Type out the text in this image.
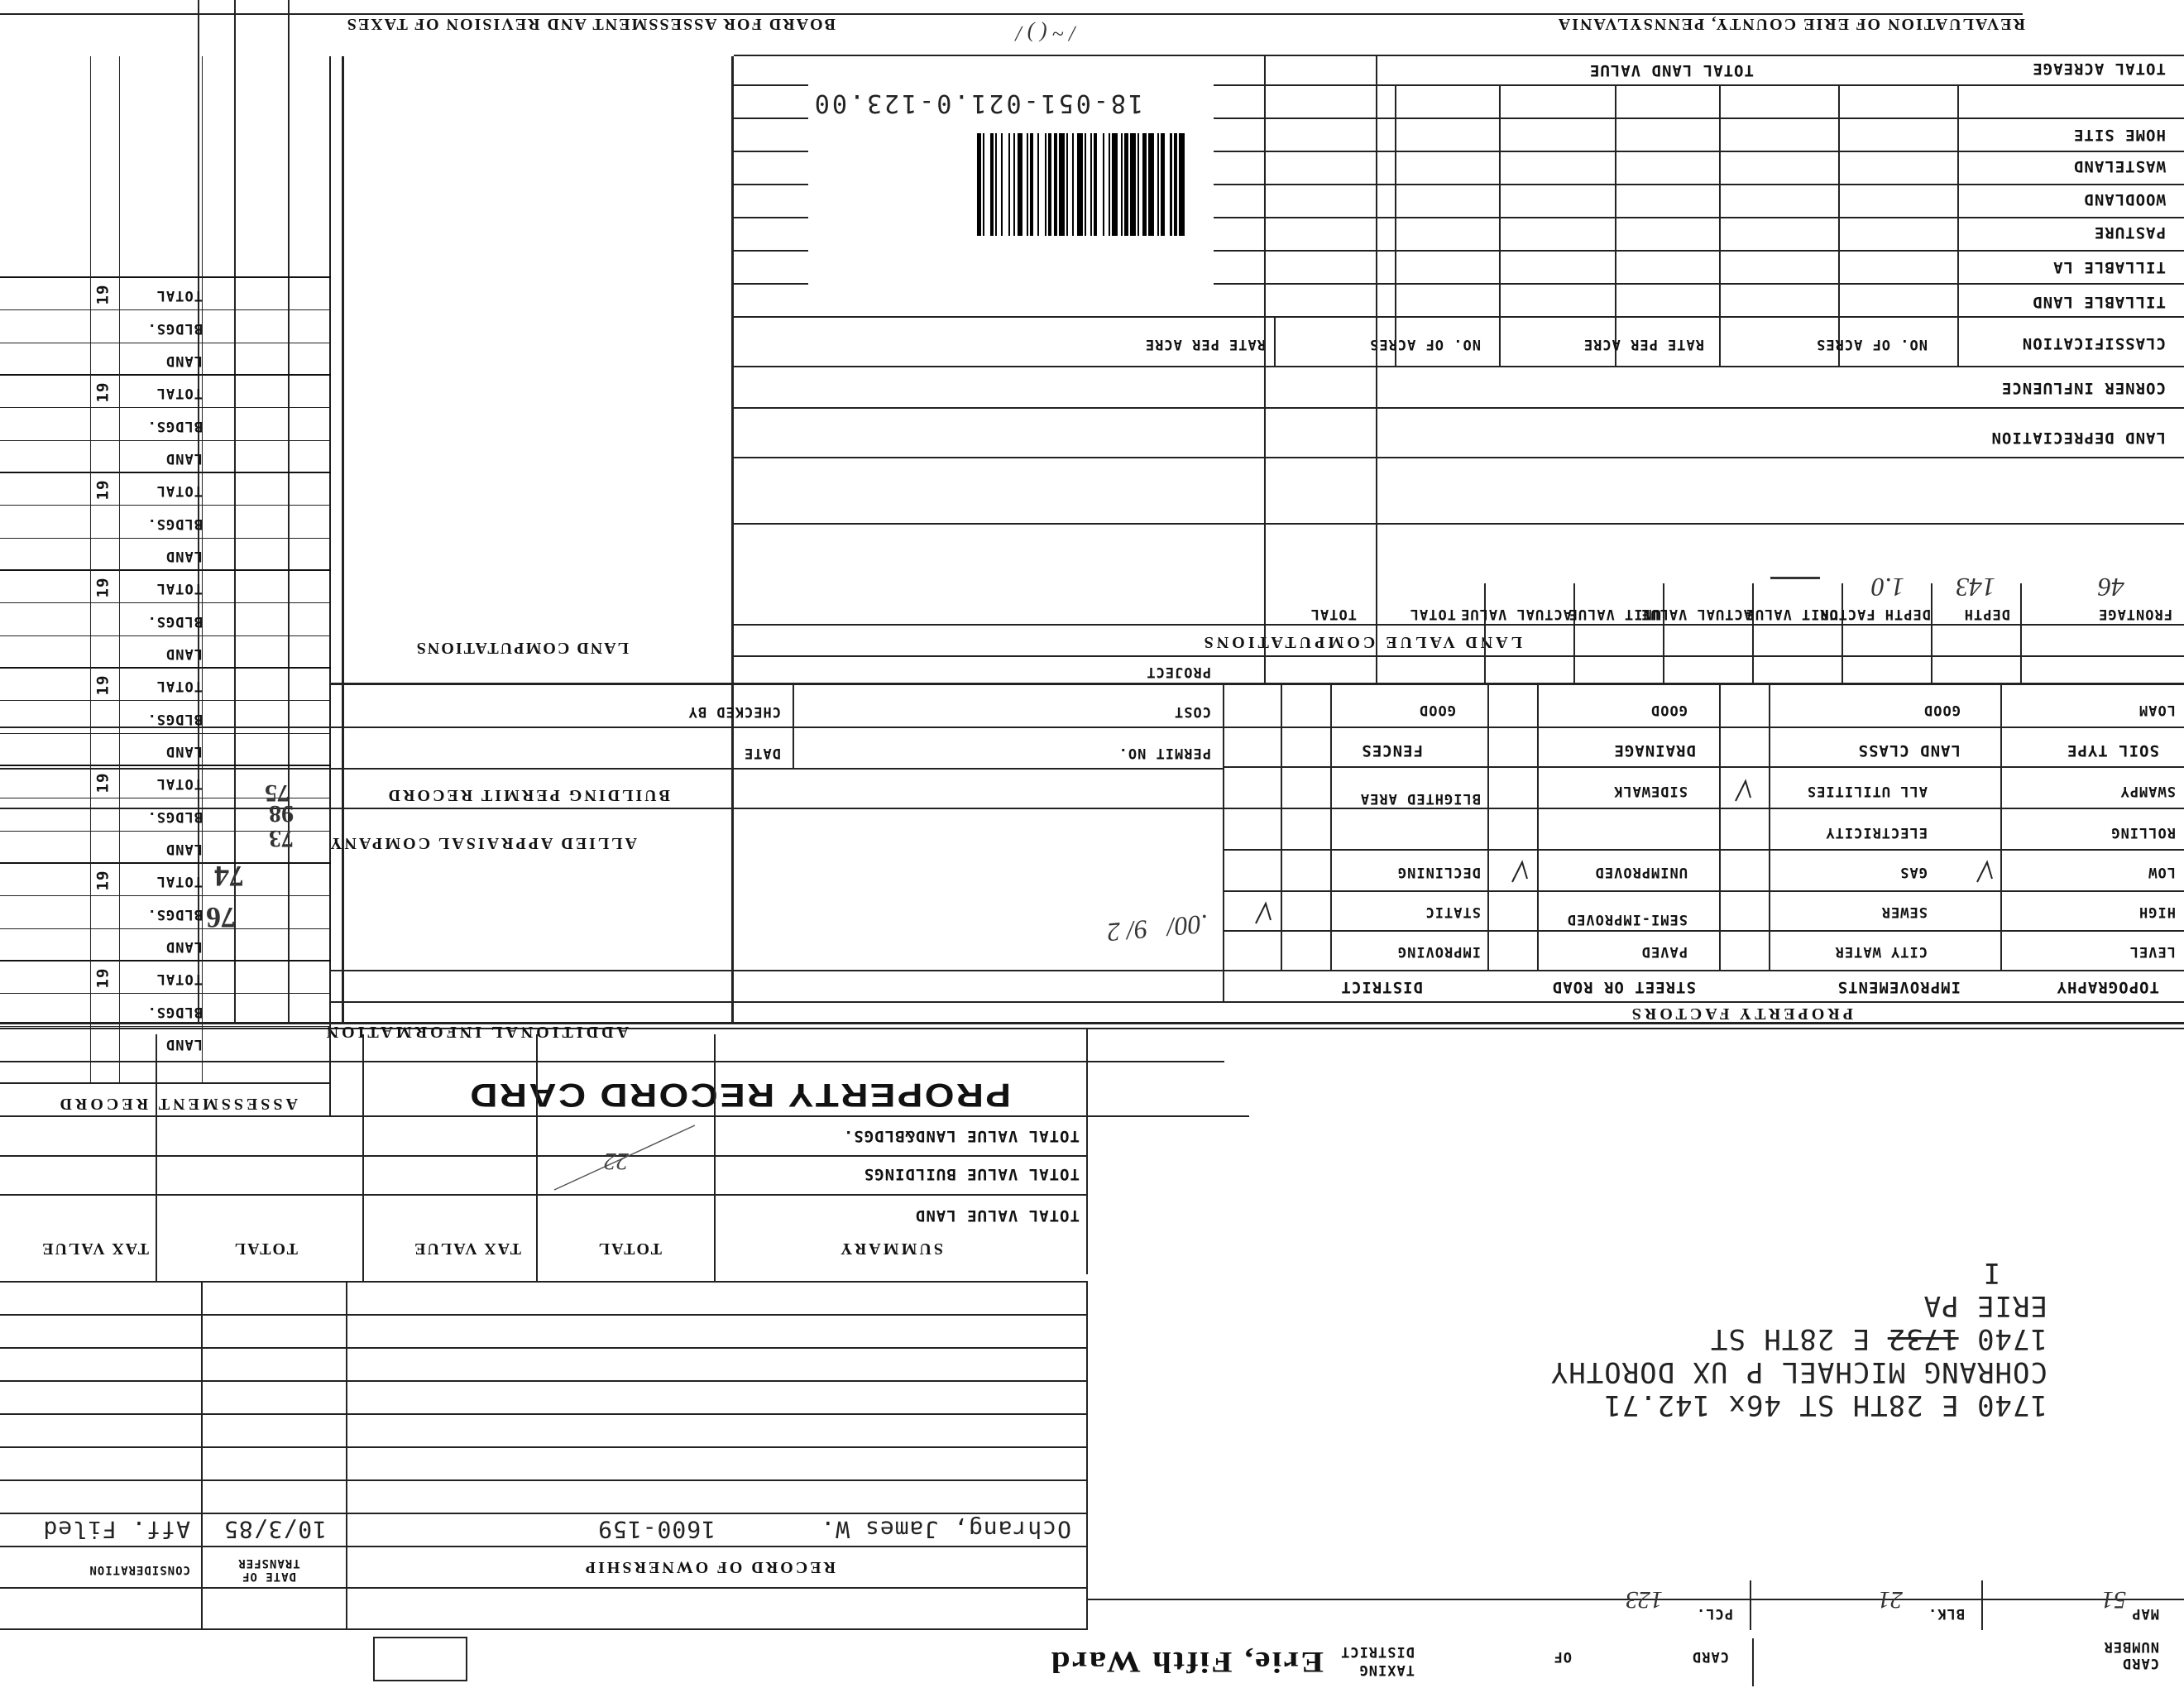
REVALUATION OF ERIE COUNTY, PENNSYLVANIA
BOARD FOR ASSESSMENT AND REVISION OF TAXES	/ ~ ( ) /
TOTAL LAND VALUE	TOTAL ACREAGE
HOME SITE
WASTELAND
WOODLAND
PASTURE
TILLABLE LA
TILLABLE LAND
CLASSIFICATION
CORNER INFLUENCE
LAND DEPRECIATION
NO. OF ACRES
RATE PER ACRE
NO. OF ACRES
RATE PER ACRE
18-051-021.0-123.00
LAND VALUE COMPUTATIONS
FRONTAGE
DEPTH
DEPTH FACTOR
UNIT VALUE
ACTUAL VALUE
UNIT VALUE
ACTUAL VALUE
TOTAL
TOTAL
46
143
1.0
LAND COMPUTATIONS
PROPERTY FACTORS
TOPOGRAPHY
IMPROVEMENTS
STREET OR ROAD
DISTRICT
LEVEL
HIGH
LOW
ROLLING
SWAMPY
CITY WATER
SEWER
GAS
ELECTRICITY
ALL UTILITIES
PAVED
SEMI-IMPROVED
UNIMPROVED
SIDEWALK
IMPROVING
STATIC
DECLINING
BLIGHTED AREA
SOIL TYPE
LAND CLASS
DRAINAGE
FENCES
LOAM
GOOD
GOOD
GOOD
BUILDING PERMIT RECORD
PERMIT NO.
DATE
COST
CHECKED BY
PROJECT
ALLIED APPRAISAL COMPANY
ADDITIONAL INFORMATION
.00/   9/ 2
PROPERTY RECORD CARD
ASSESSMENT RECORD
LAND
BLDGS.
TOTAL
19
LAND
BLDGS.
TOTAL
19
LAND
BLDGS.
TOTAL
19
LAND
BLDGS.
TOTAL
19
LAND
BLDGS.
TOTAL
19
LAND
BLDGS.
TOTAL
19
LAND
BLDGS.
TOTAL
19
LAND
BLDGS.
TOTAL
19
74
73
98
75
76
SUMMARY
TOTAL
TAX VALUE
TOTAL
TAX VALUE
TOTAL VALUE LAND
TOTAL VALUE BUILDINGS
TOTAL VALUE LAND&BLDGS.
22
RECORD OF OWNERSHIP
DATE OF TRANSFER
CONSIDERATION
Ochrang, James W.
1600-159
10/3/85
Aff. Filed
1740 E 28TH ST 46x 142.71
COHRANG MICHAEL P UX DOROTHY
1740 1732 E 28TH ST
ERIE PA
I
MAP
51
BLK.
21
PCL.
123
CARD NUMBER
CARD
OF
TAXING
DISTRICT
Erie, Fifth Ward
